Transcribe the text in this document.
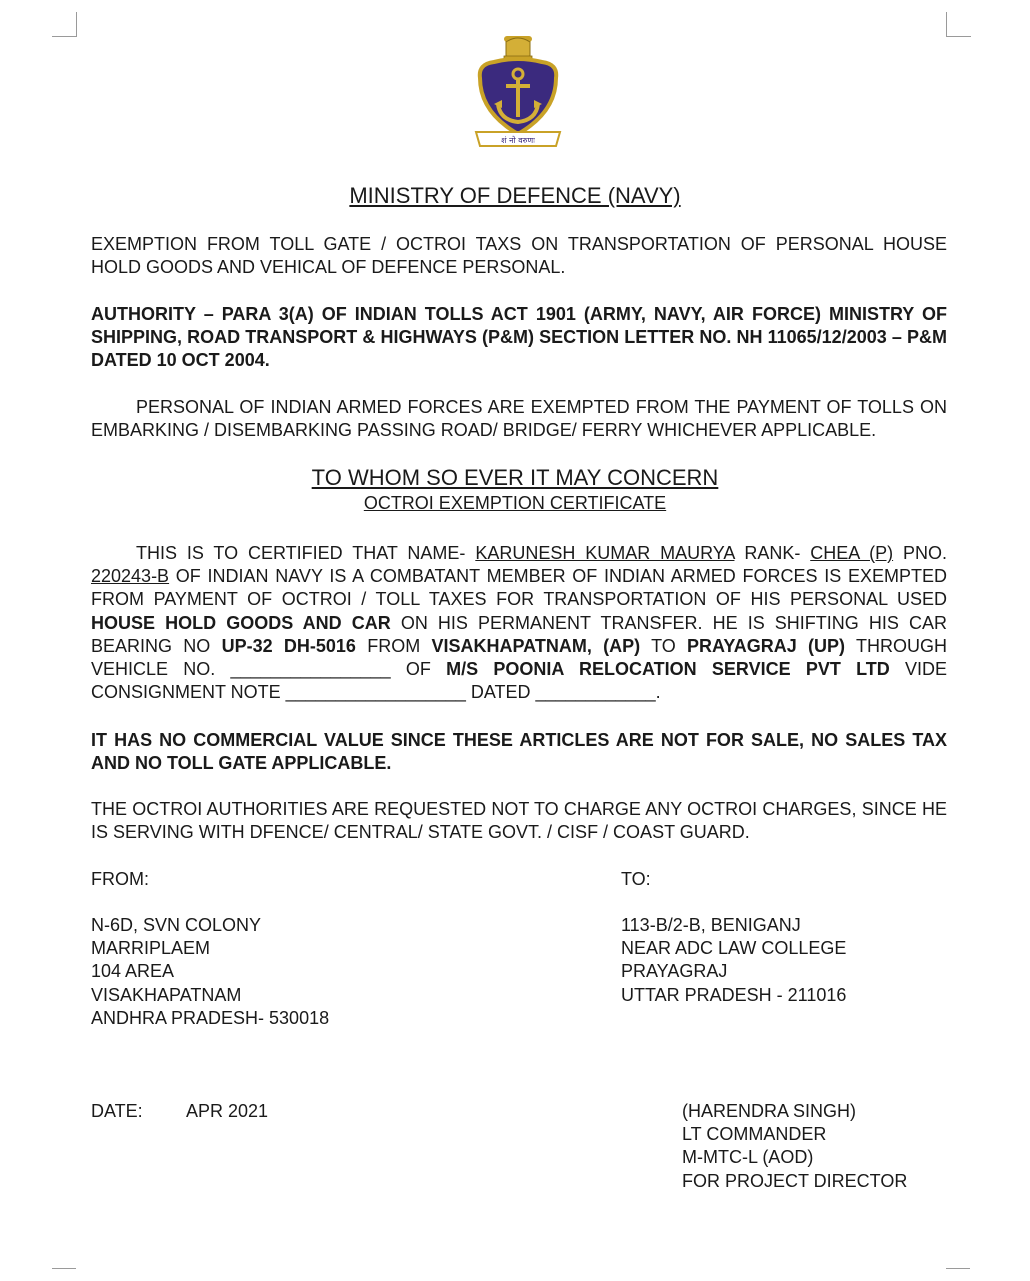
शं नो वरुणः
MINISTRY OF DEFENCE (NAVY)
EXEMPTION FROM TOLL GATE / OCTROI TAXS ON TRANSPORTATION OF PERSONAL HOUSE HOLD GOODS AND VEHICAL OF DEFENCE PERSONAL.
AUTHORITY – PARA 3(A) OF INDIAN TOLLS ACT 1901 (ARMY, NAVY, AIR FORCE) MINISTRY OF SHIPPING, ROAD TRANSPORT & HIGHWAYS (P&M) SECTION LETTER NO. NH 11065/12/2003 – P&M DATED 10 OCT 2004.
PERSONAL OF INDIAN ARMED FORCES ARE EXEMPTED FROM THE PAYMENT OF TOLLS ON EMBARKING / DISEMBARKING PASSING ROAD/ BRIDGE/ FERRY WHICHEVER APPLICABLE.
TO WHOM SO EVER IT MAY CONCERN
OCTROI EXEMPTION CERTIFICATE
THIS IS TO CERTIFIED THAT NAME- KARUNESH KUMAR MAURYA RANK- CHEA (P) PNO. 220243-B OF INDIAN NAVY IS A COMBATANT MEMBER OF INDIAN ARMED FORCES IS EXEMPTED FROM PAYMENT OF OCTROI / TOLL TAXES FOR TRANSPORTATION OF HIS PERSONAL USED HOUSE HOLD GOODS AND CAR ON HIS PERMANENT TRANSFER. HE IS SHIFTING HIS CAR BEARING NO UP-32 DH-5016 FROM VISAKHAPATNAM, (AP) TO PRAYAGRAJ (UP) THROUGH VEHICLE NO. ________________ OF M/S POONIA RELOCATION SERVICE PVT LTD VIDE CONSIGNMENT NOTE __________________ DATED ____________.
IT HAS NO COMMERCIAL VALUE SINCE THESE ARTICLES ARE NOT FOR SALE, NO SALES TAX AND NO TOLL GATE APPLICABLE.
THE OCTROI AUTHORITIES ARE REQUESTED NOT TO CHARGE ANY OCTROI CHARGES, SINCE HE IS SERVING WITH DFENCE/ CENTRAL/ STATE GOVT. / CISF / COAST GUARD.
FROM:	TO:
N-6D, SVN COLONY
MARRIPLAEM
104 AREA
VISAKHAPATNAM
ANDHRA PRADESH- 530018
113-B/2-B, BENIGANJ
NEAR ADC LAW COLLEGE
PRAYAGRAJ
UTTAR PRADESH - 211016
DATE: APR 2021	(HARENDRA SINGH)
LT COMMANDER
M-MTC-L (AOD)
FOR PROJECT DIRECTOR
